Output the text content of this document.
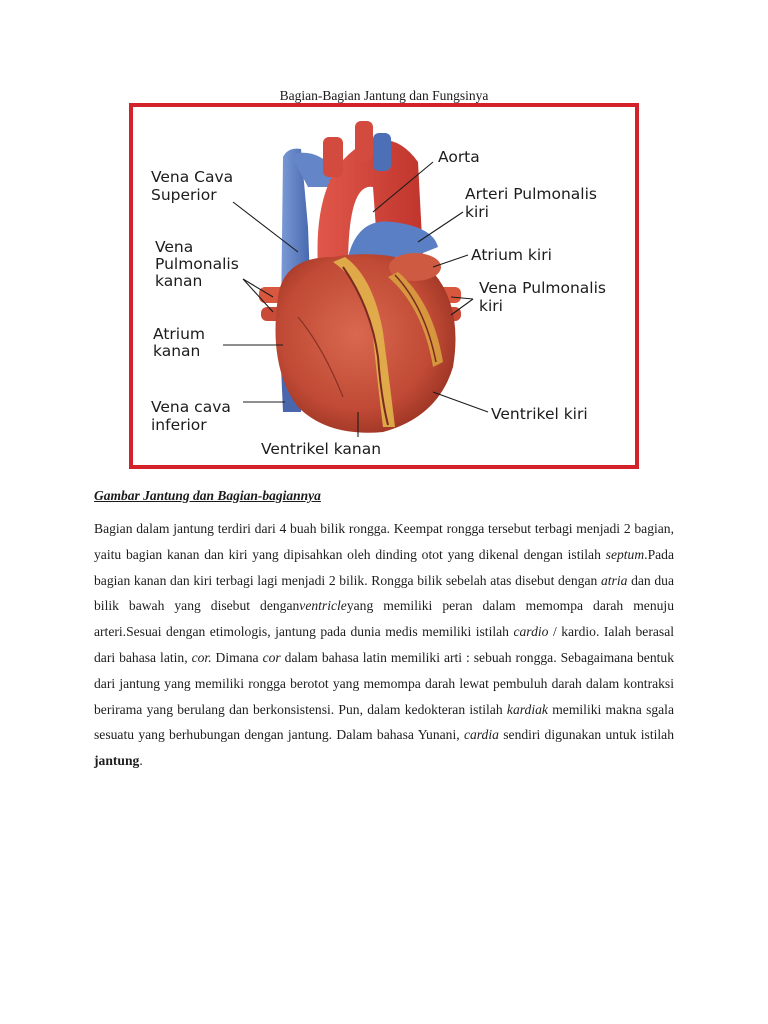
Bagian-Bagian Jantung dan Fungsinya
Vena Cava Superior
Vena Pulmonalis kanan
Atrium kanan
Vena cava inferior
Ventrikel kanan
Aorta
Arteri Pulmonalis kiri
Atrium kiri
Vena Pulmonalis kiri
Ventrikel kiri
Gambar Jantung dan Bagian-bagiannya
Bagian dalam jantung terdiri dari 4 buah bilik rongga. Keempat rongga tersebut terbagi menjadi 2 bagian, yaitu bagian kanan dan kiri yang dipisahkan oleh dinding otot yang dikenal dengan istilah septum.Pada bagian kanan dan kiri terbagi lagi menjadi 2 bilik. Rongga bilik sebelah atas disebut dengan atria dan dua bilik bawah yang disebut denganventricleyang memiliki peran dalam memompa darah menuju arteri.Sesuai dengan etimologis, jantung pada dunia medis memiliki istilah cardio / kardio. Ialah berasal dari bahasa latin, cor. Dimana cor dalam bahasa latin memiliki arti : sebuah rongga. Sebagaimana bentuk dari jantung yang memiliki rongga berotot yang memompa darah lewat pembuluh darah dalam kontraksi berirama yang berulang dan berkonsistensi. Pun, dalam kedokteran istilah kardiak memiliki makna sgala sesuatu yang berhubungan dengan jantung. Dalam bahasa Yunani, cardia sendiri digunakan untuk istilah jantung.
